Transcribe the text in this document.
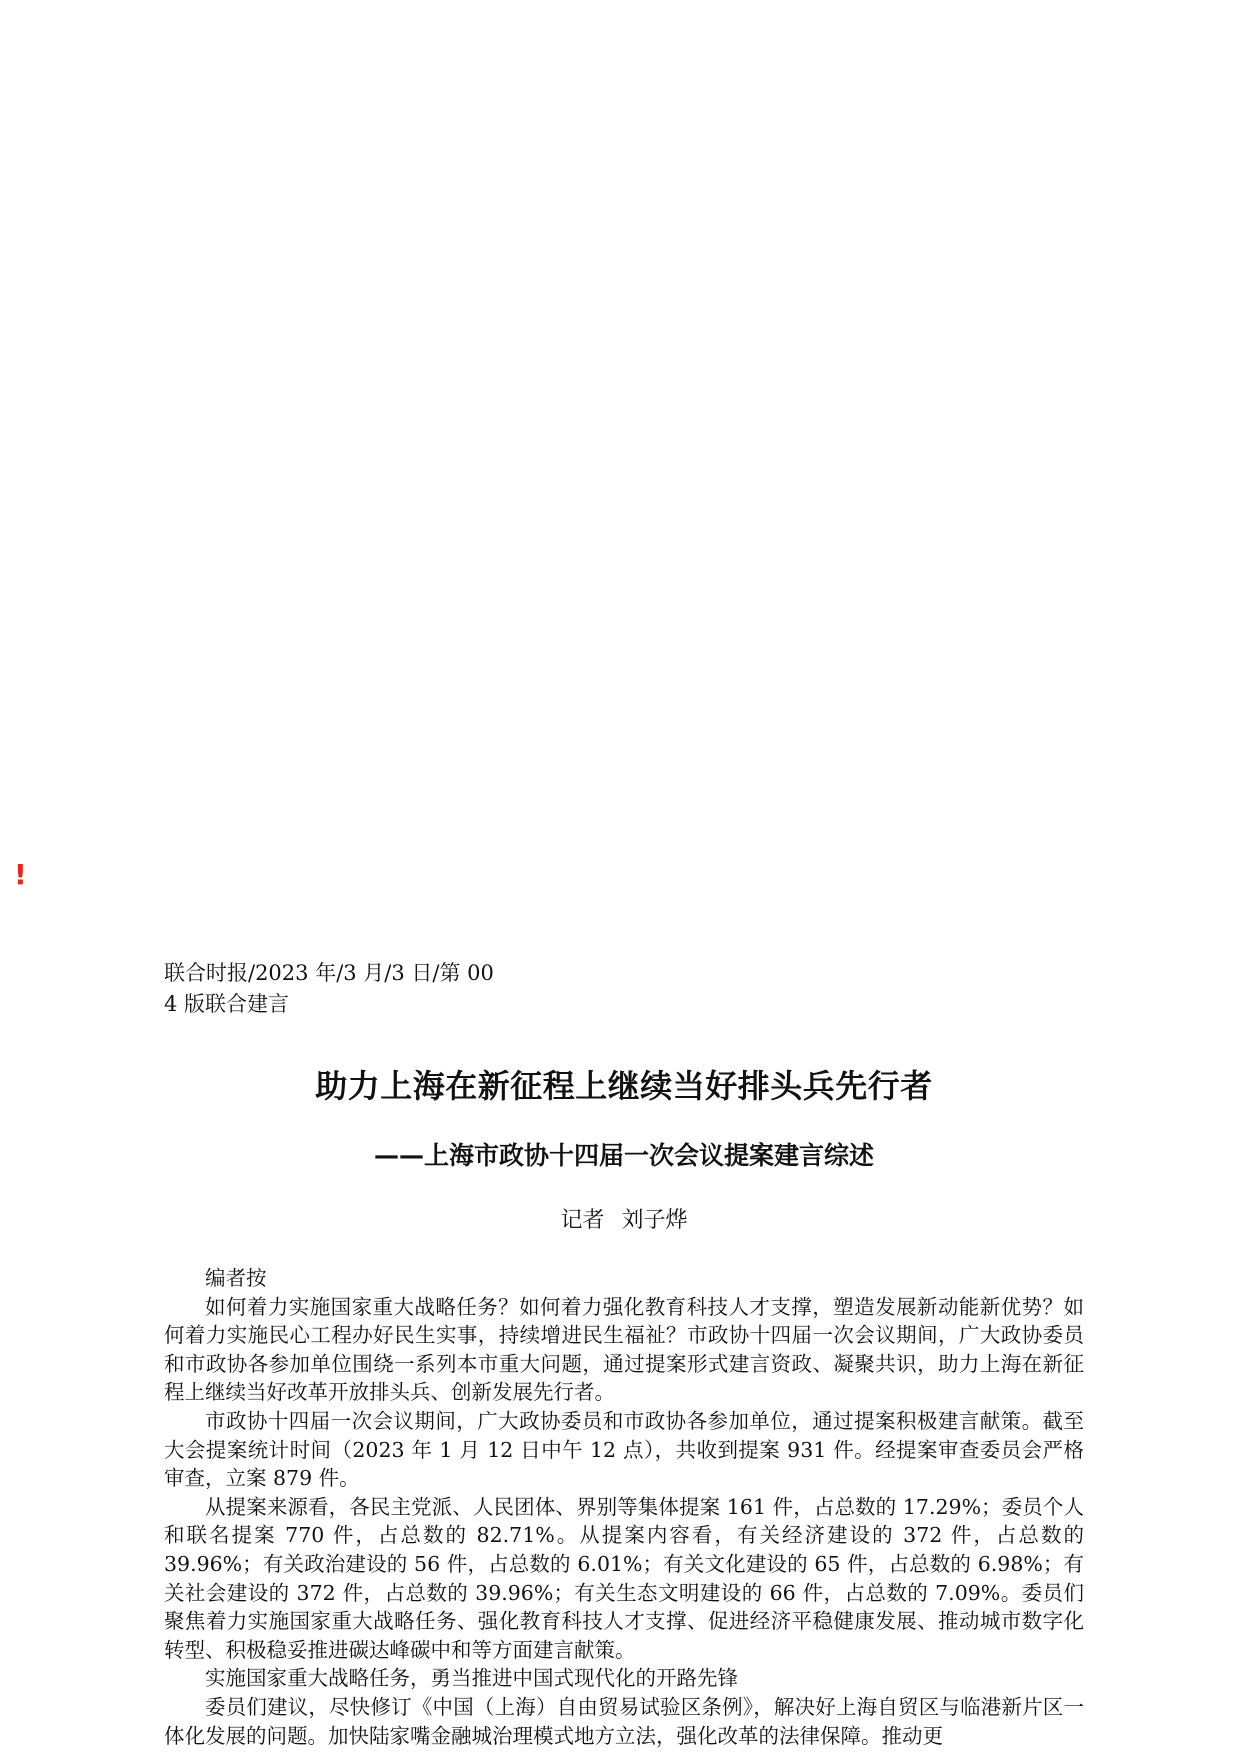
!
联合时报/2023 年/3 月/3 日/第 004 版联合建言
助力上海在新征程上继续当好排头兵先行者
——上海市政协十四届一次会议提案建言综述
记者 刘子烨

编者按

如何着力实施国家重大战略任务？如何着力强化教育科技人才支撑，塑造发展新动能新优势？如何着力实施民心工程办好民生实事，持续增进民生福祉？市政协十四届一次会议期间，广大政协委员和市政协各参加单位围绕一系列本市重大问题，通过提案形式建言资政、凝聚共识，助力上海在新征程上继续当好改革开放排头兵、创新发展先行者。

市政协十四届一次会议期间，广大政协委员和市政协各参加单位，通过提案积极建言献策。截至大会提案统计时间（2023 年 1 月 12 日中午 12 点），共收到提案 931 件。经提案审查委员会严格审查，立案 879 件。

从提案来源看，各民主党派、人民团体、界别等集体提案 161 件，占总数的 17.29%；委员个人和联名提案 770 件，占总数的 82.71%。从提案内容看，有关经济建设的 372 件，占总数的 39.96%；有关政治建设的 56 件，占总数的 6.01%；有关文化建设的 65 件，占总数的 6.98%；有关社会建设的 372 件，占总数的 39.96%；有关生态文明建设的 66 件，占总数的 7.09%。委员们聚焦着力实施国家重大战略任务、强化教育科技人才支撑、促进经济平稳健康发展、推动城市数字化转型、积极稳妥推进碳达峰碳中和等方面建言献策。

实施国家重大战略任务，勇当推进中国式现代化的开路先锋

委员们建议，尽快修订《中国（上海）自由贸易试验区条例》，解决好上海自贸区与临港新片区一体化发展的问题。加快陆家嘴金融城治理模式地方立法，强化改革的法律保障。推动更
